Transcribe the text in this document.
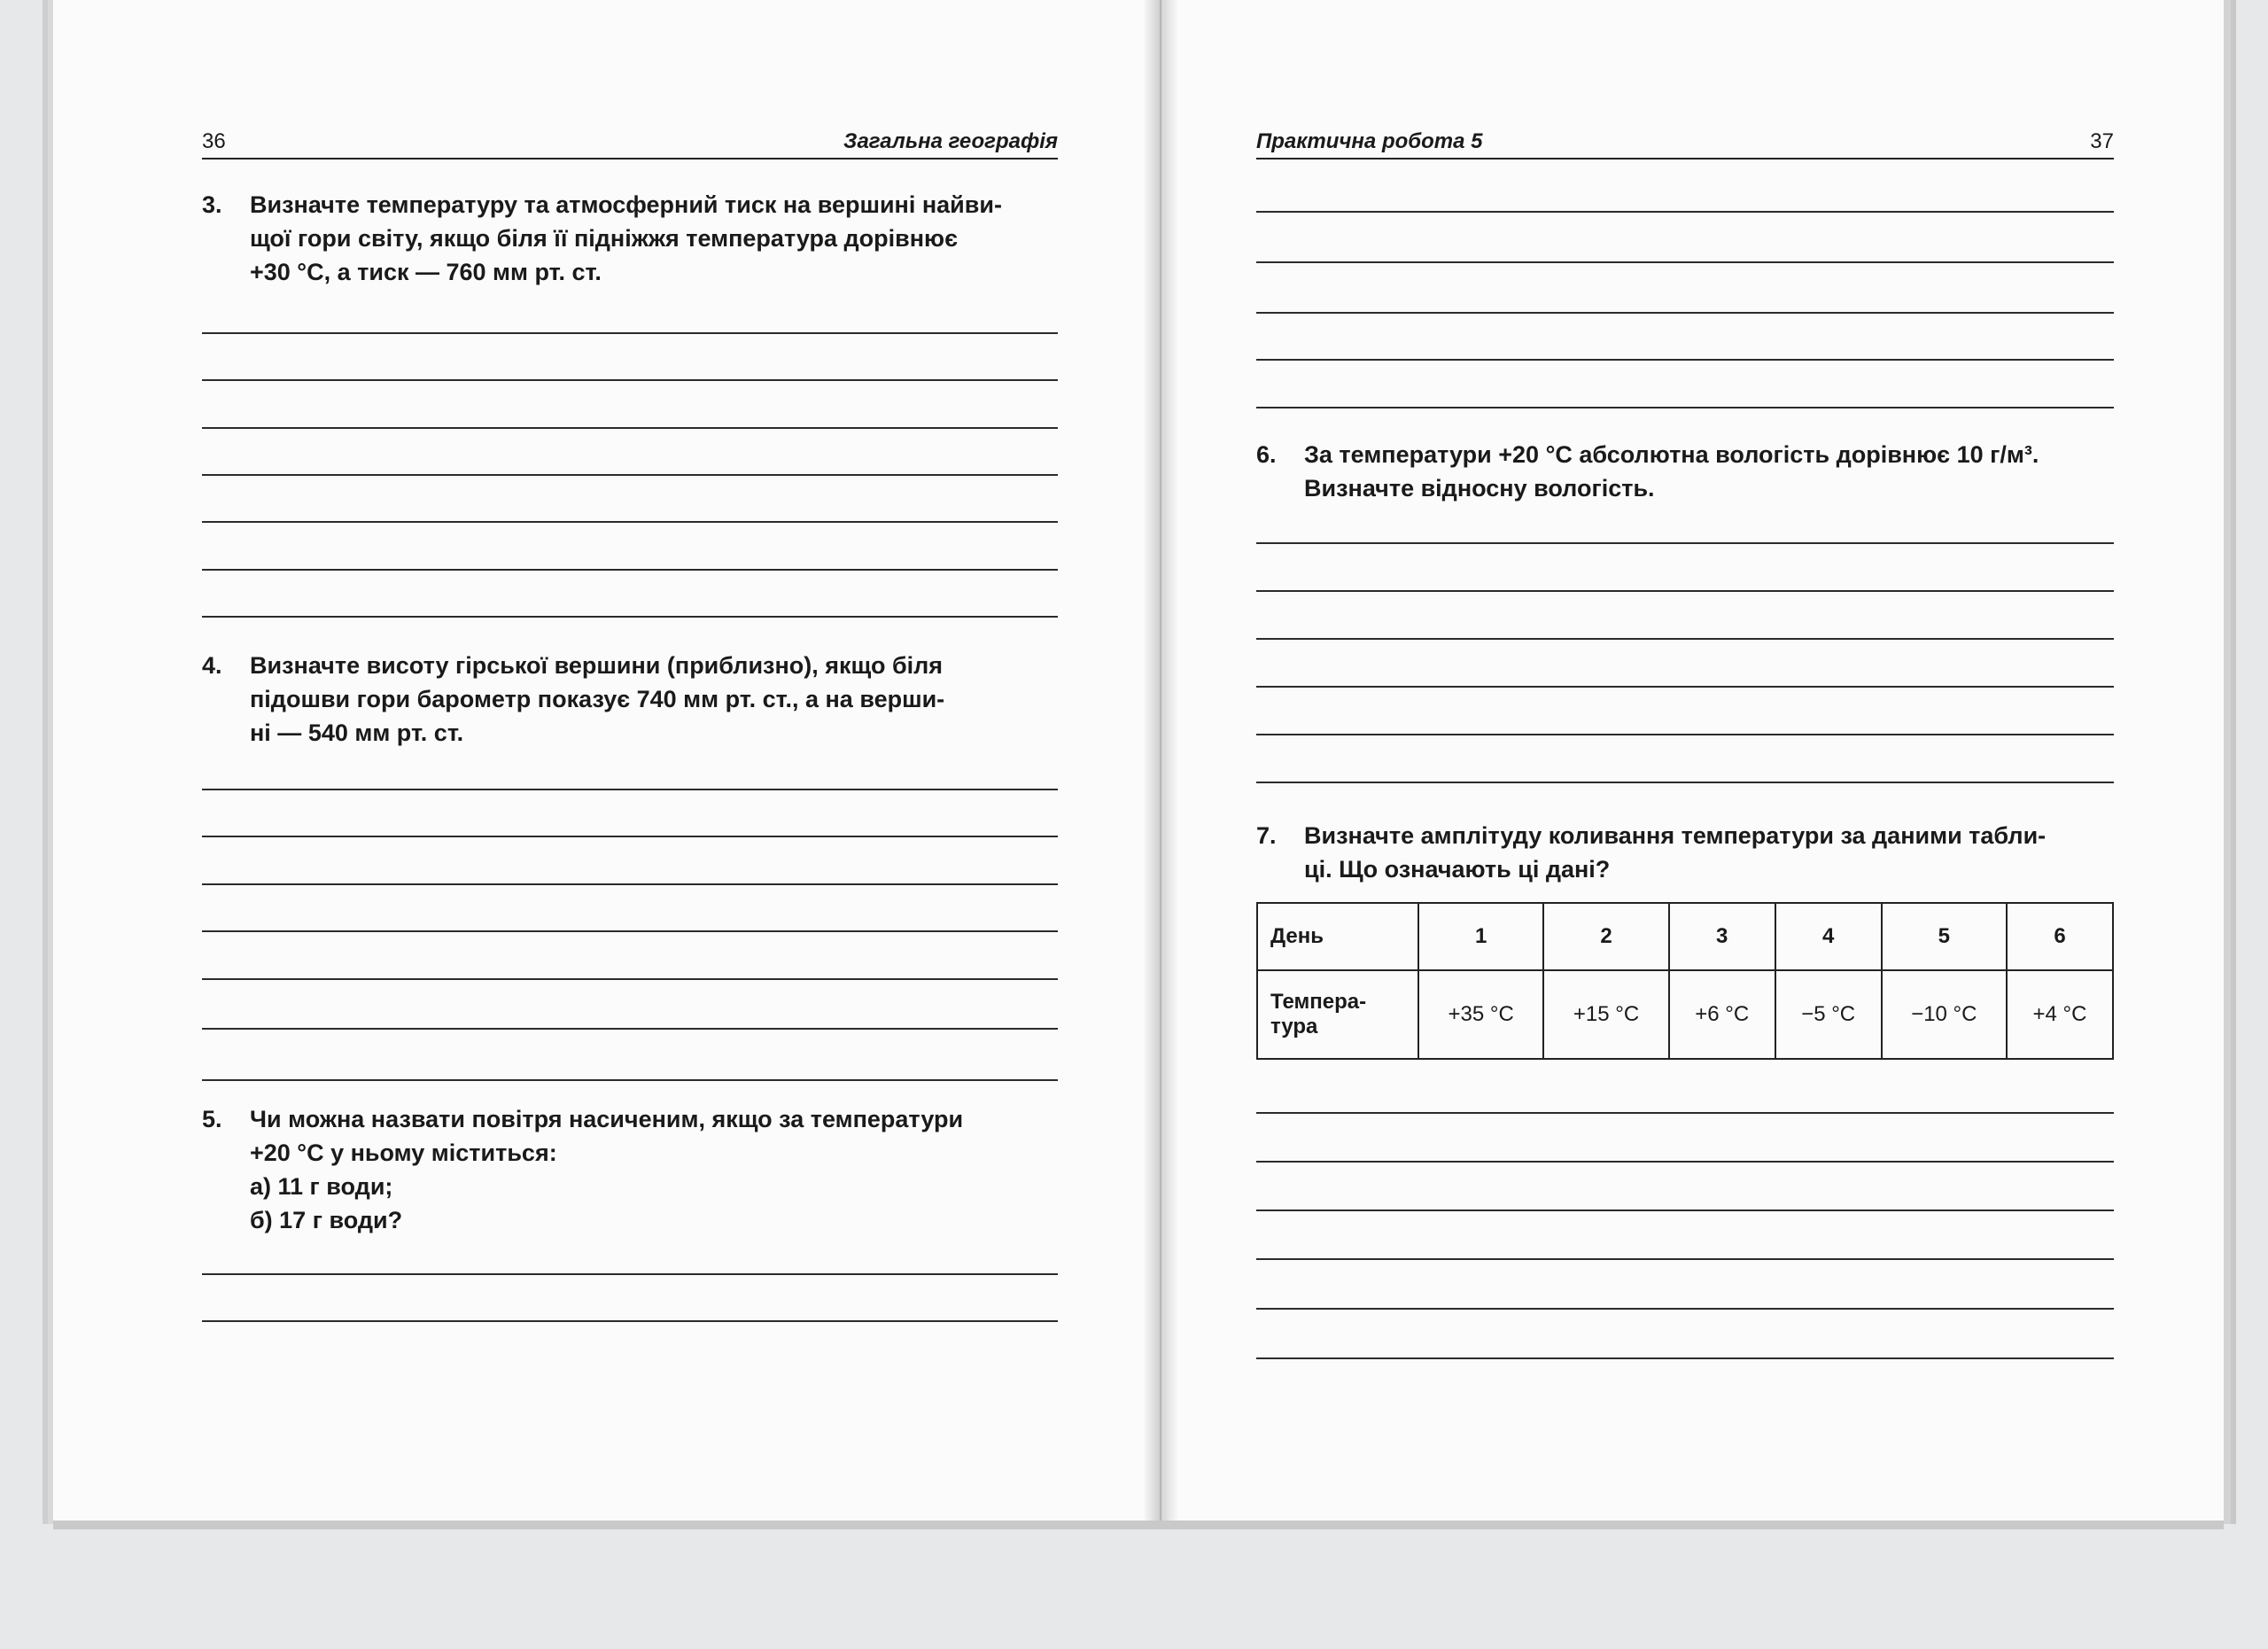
36	Загальна географія
3. Визначте температуру та атмосферний тиск на вершині найви-
щої гори світу, якщо біля її підніжжя температура дорівнює
+30 °С, а тиск — 760 мм рт. ст.
4. Визначте висоту гірської вершини (приблизно), якщо біля
підошви гори барометр показує 740 мм рт. ст., а на верши-
ні — 540 мм рт. ст.
5. Чи можна назвати повітря насиченим, якщо за температури
+20 °С у ньому міститься:
а) 11 г води;
б) 17 г води?
Практична робота 5	37
6. За температури +20 °С абсолютна вологість дорівнює 10 г/м³.
Визначте відносну вологість.
7. Визначте амплітуду коливання температури за даними табли-
ці. Що означають ці дані?
День	1	2	3	4	5	6

Темпера-
тура	+35 °С	+15 °С	+6 °С	−5 °С	−10 °С	+4 °С
